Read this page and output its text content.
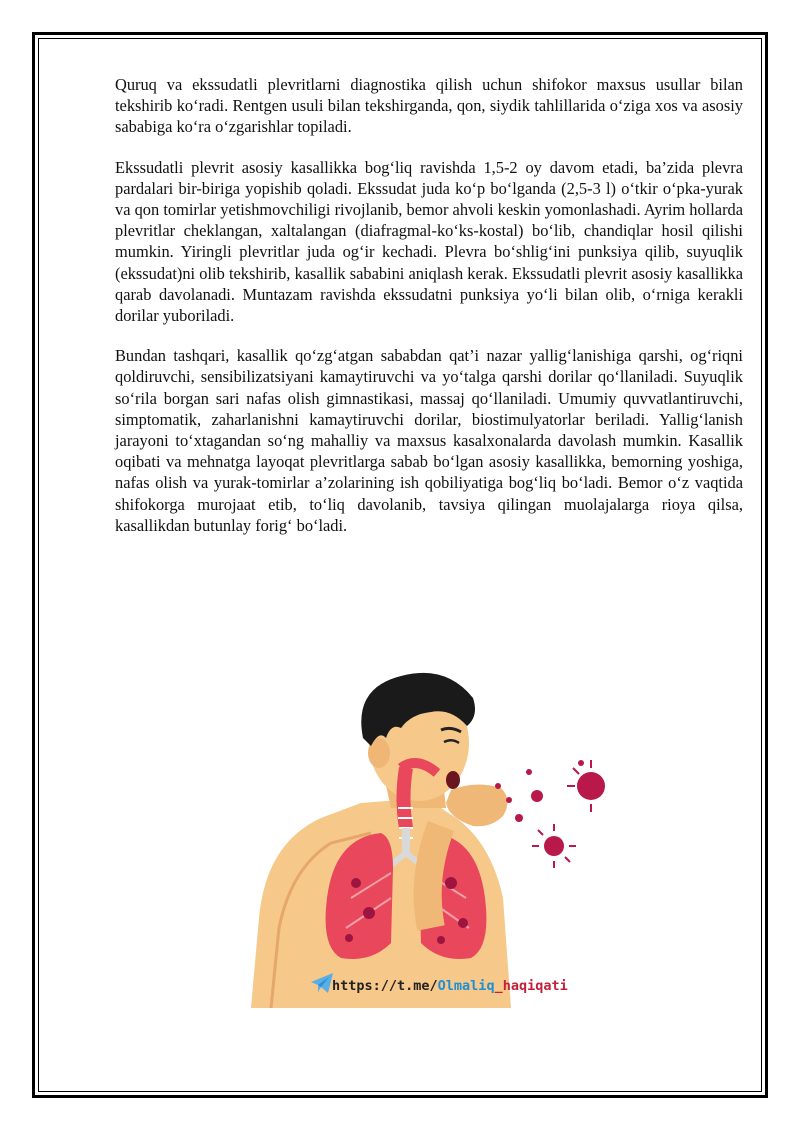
Quruq va ekssudatli plevritlarni diagnostika qilish uchun shifokor maxsus usullar bilan tekshirib ko‘radi. Rentgen usuli bilan tekshirganda, qon, siydik tahlillarida o‘ziga xos va asosiy sababiga ko‘ra o‘zgarishlar topiladi.

Ekssudatli plevrit asosiy kasallikka bog‘liq ravishda 1,5-2 oy davom etadi, ba’zida plevra pardalari bir-biriga yopishib qoladi. Ekssudat juda ko‘p bo‘lganda (2,5-3 l) o‘tkir o‘pka-yurak va qon tomirlar yetishmovchiligi rivojlanib, bemor ahvoli keskin yomonlashadi. Ayrim hollarda plevritlar cheklangan, xaltalangan (diafragmal-ko‘ks-kostal) bo‘lib, chandiqlar hosil qilishi mumkin. Yiringli plevritlar juda og‘ir kechadi. Plevra bo‘shlig‘ini punksiya qilib, suyuqlik (ekssudat)ni olib tekshirib, kasallik sababini aniqlash kerak. Ekssudatli plevrit asosiy kasallikka qarab davolanadi. Muntazam ravishda ekssudatni punksiya yo‘li bilan olib, o‘rniga kerakli dorilar yuboriladi.

Bundan tashqari, kasallik qo‘zg‘atgan sababdan qat’i nazar yallig‘lanishiga qarshi, og‘riqni qoldiruvchi, sensibilizatsiyani kamaytiruvchi va yo‘talga qarshi dorilar qo‘llaniladi. Suyuqlik so‘rila borgan sari nafas olish gimnastikasi, massaj qo‘llaniladi. Umumiy quvvatlantiruvchi, simptomatik, zaharlanishni kamaytiruvchi dorilar, biostimulyatorlar beriladi. Yallig‘lanish jarayoni to‘xtagandan so‘ng mahalliy va maxsus kasalxonalarda davolash mumkin. Kasallik oqibati va mehnatga layoqat plevritlarga sabab bo‘lgan asosiy kasallikka, bemorning yoshiga, nafas olish va yurak-tomirlar a’zolarining ish qobiliyatiga bog‘liq bo‘ladi. Bemor o‘z vaqtida shifokorga murojaat etib, to‘liq davolanib, tavsiya qilingan muolajalarga rioya qilsa, kasallikdan butunlay forig‘ bo‘ladi.

https://t.me/Olmaliq_haqiqati
